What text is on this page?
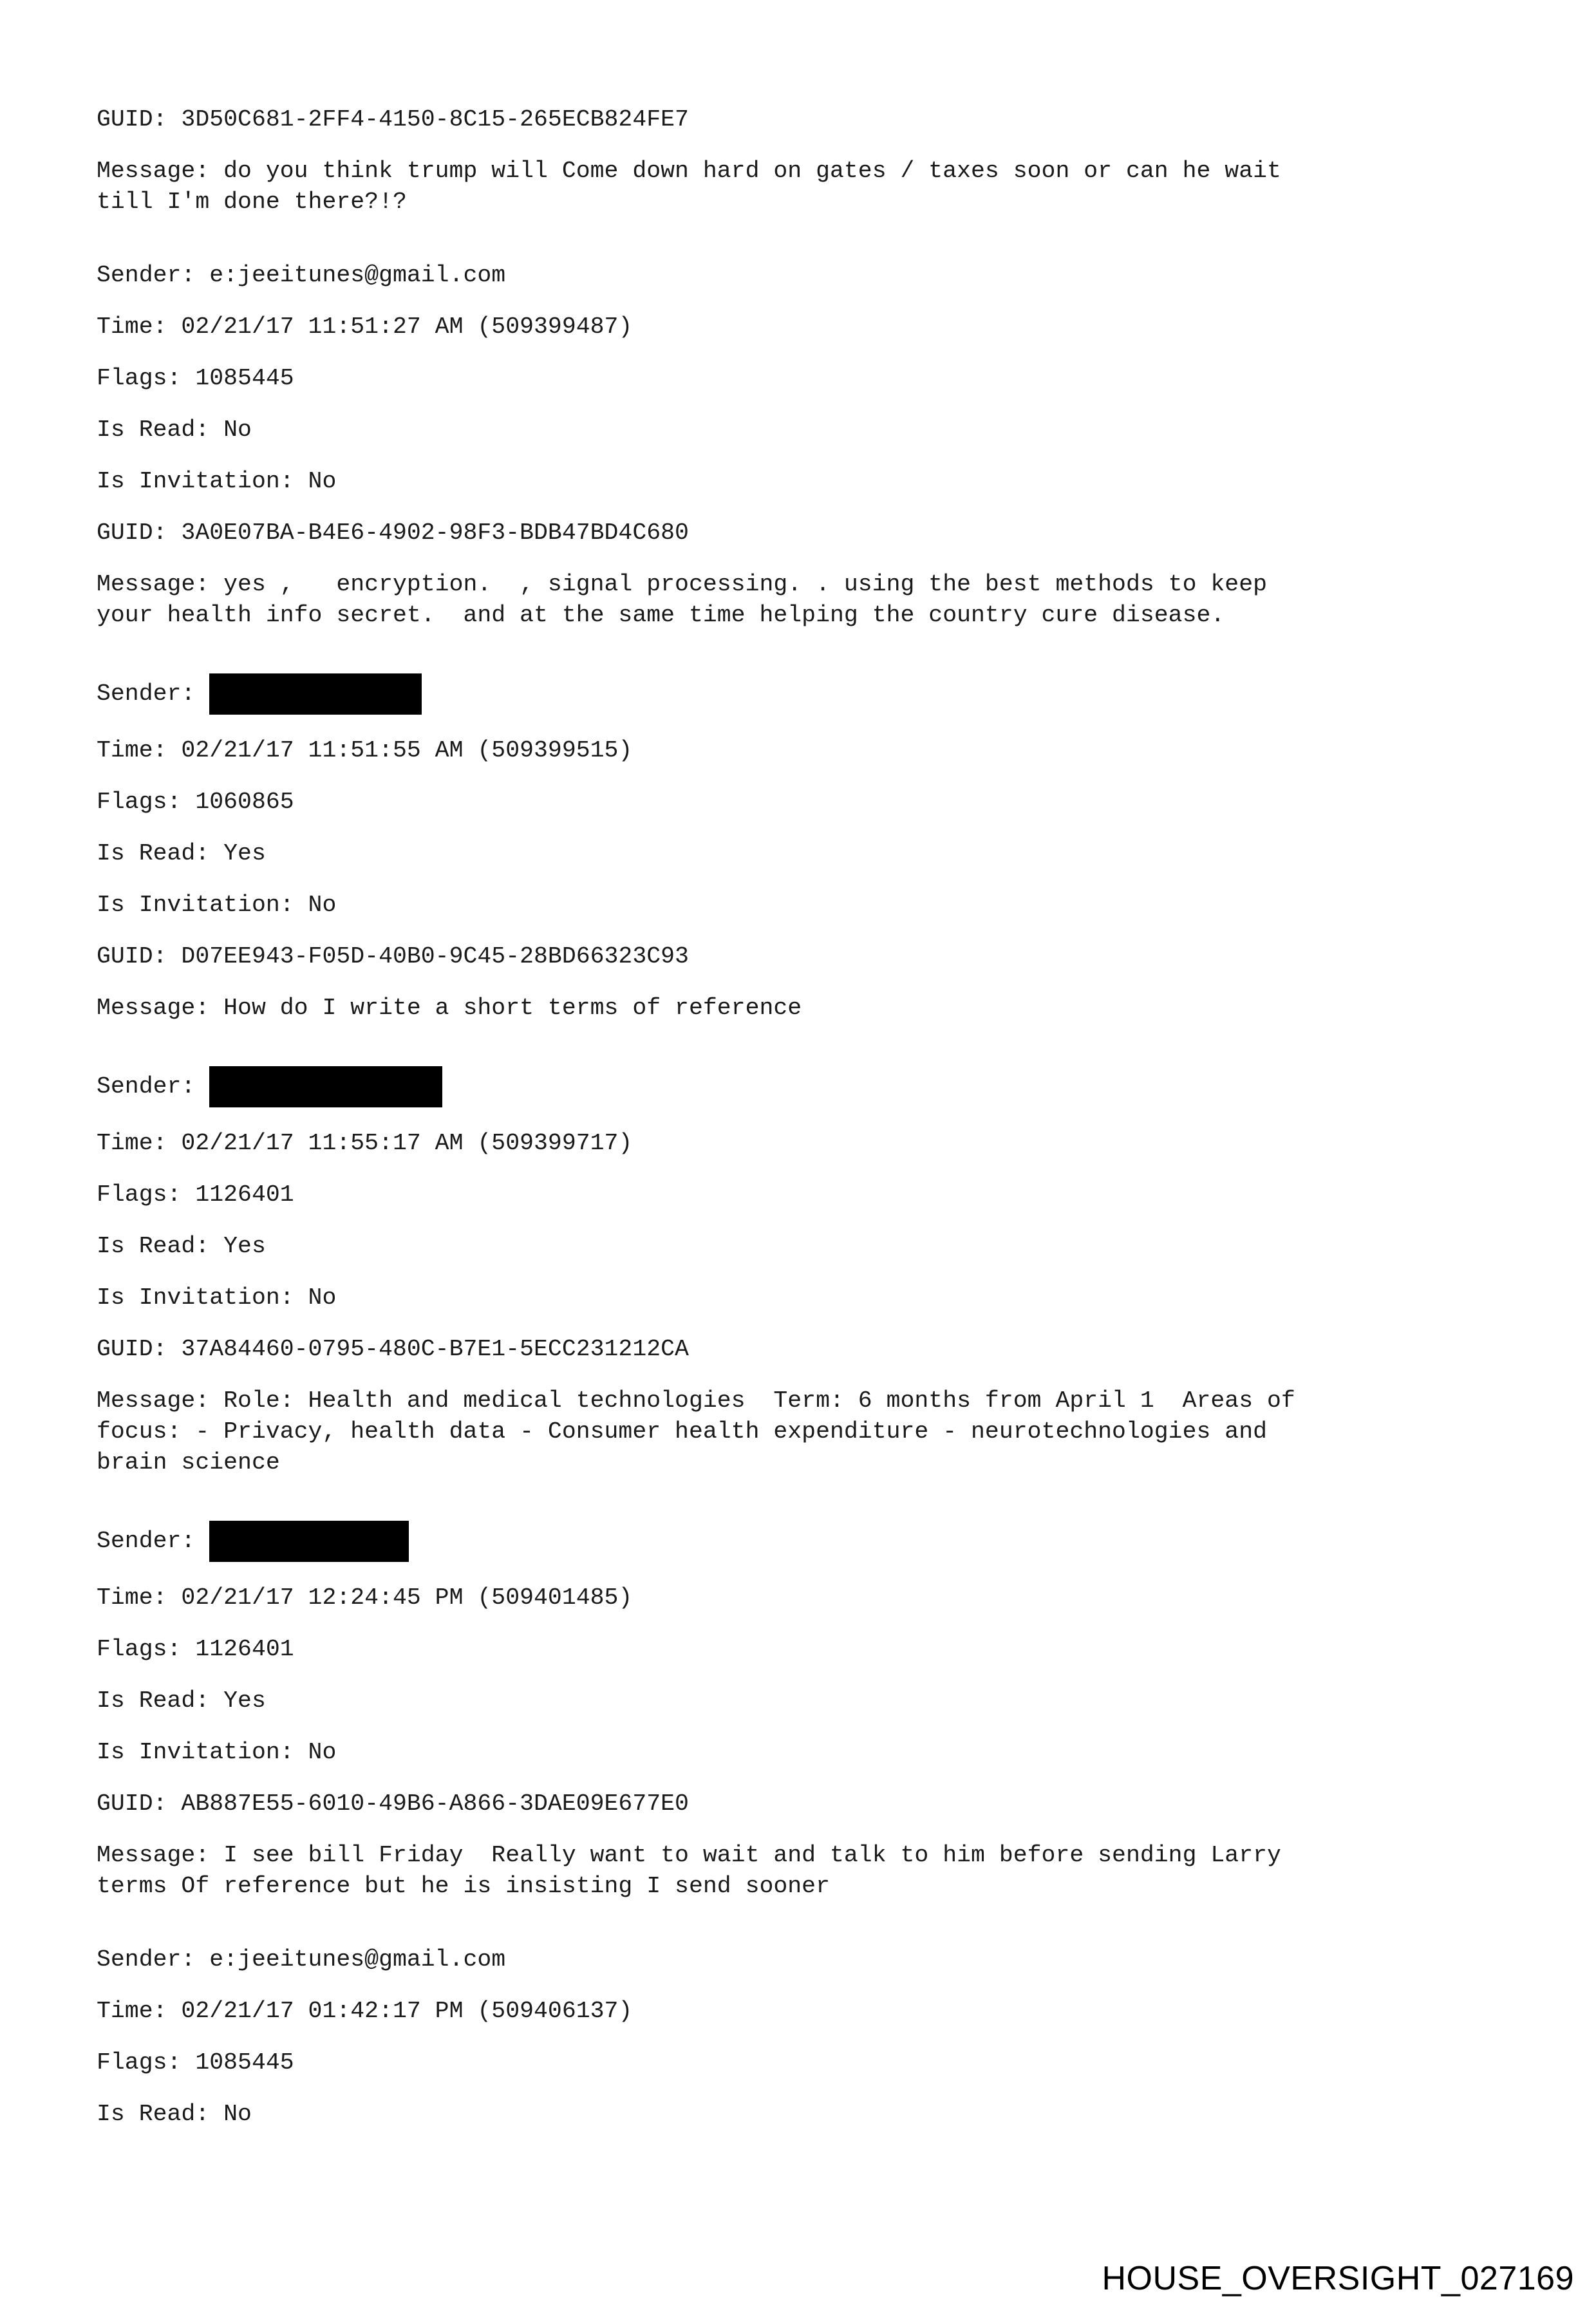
GUID: 3D50C681-2FF4-4150-8C15-265ECB824FE7
Message: do you think trump will Come down hard on gates / taxes soon or can he wait
till I'm done there?!?
Sender: e:jeeitunes@gmail.com
Time: 02/21/17 11:51:27 AM (509399487)
Flags: 1085445
Is Read: No
Is Invitation: No
GUID: 3A0E07BA-B4E6-4902-98F3-BDB47BD4C680
Message: yes ,   encryption.  , signal processing. . using the best methods to keep
your health info secret.  and at the same time helping the country cure disease.
Sender:
Time: 02/21/17 11:51:55 AM (509399515)
Flags: 1060865
Is Read: Yes
Is Invitation: No
GUID: D07EE943-F05D-40B0-9C45-28BD66323C93
Message: How do I write a short terms of reference
Sender:
Time: 02/21/17 11:55:17 AM (509399717)
Flags: 1126401
Is Read: Yes
Is Invitation: No
GUID: 37A84460-0795-480C-B7E1-5ECC231212CA
Message: Role: Health and medical technologies  Term: 6 months from April 1  Areas of
focus: - Privacy, health data - Consumer health expenditure - neurotechnologies and
brain science
Sender:
Time: 02/21/17 12:24:45 PM (509401485)
Flags: 1126401
Is Read: Yes
Is Invitation: No
GUID: AB887E55-6010-49B6-A866-3DAE09E677E0
Message: I see bill Friday  Really want to wait and talk to him before sending Larry
terms Of reference but he is insisting I send sooner
Sender: e:jeeitunes@gmail.com
Time: 02/21/17 01:42:17 PM (509406137)
Flags: 1085445
Is Read: No
HOUSE_OVERSIGHT_027169
